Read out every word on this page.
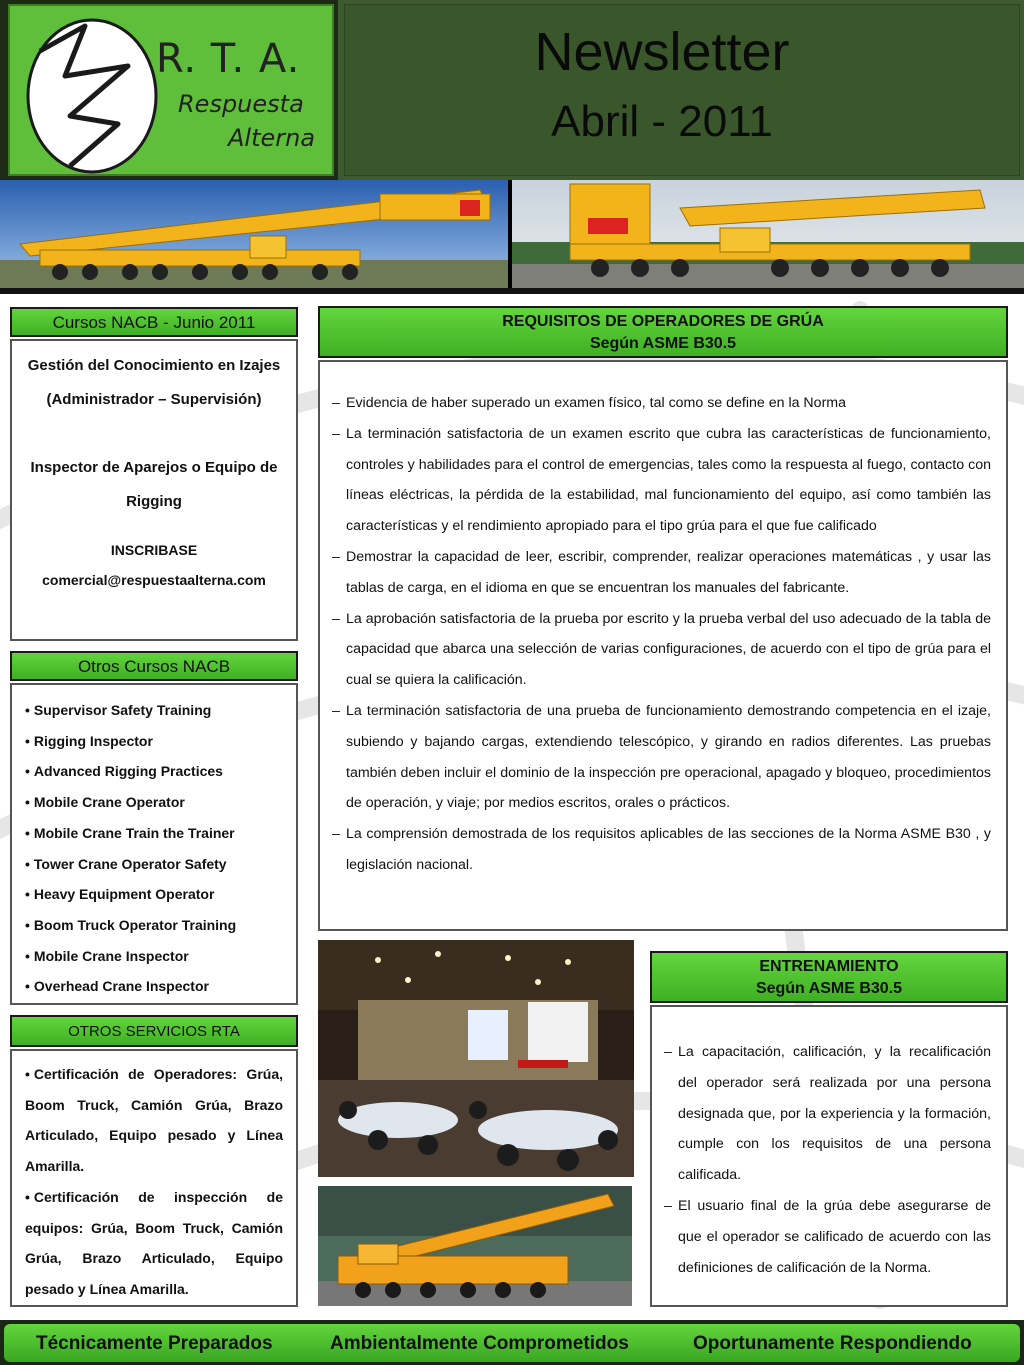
R. T. A.
Respuesta
Alterna
Newsletter
Abril - 2011
Cursos NACB - Junio 2011
Gestión del Conocimiento en Izajes (Administrador – Supervisión)
Inspector de Aparejos o Equipo de Rigging
INSCRIBASE
comercial@respuestaalterna.com
Otros Cursos NACB
• Supervisor Safety Training
• Rigging Inspector
• Advanced Rigging Practices
• Mobile Crane Operator
• Mobile Crane Train the Trainer
• Tower Crane Operator Safety
• Heavy Equipment Operator
• Boom Truck Operator Training
• Mobile Crane Inspector
• Overhead Crane Inspector
OTROS SERVICIOS RTA
• Certificación de Operadores: Grúa, Boom Truck, Camión Grúa, Brazo Articulado, Equipo pesado y Línea Amarilla.
• Certificación de inspección de equipos: Grúa, Boom Truck, Camión Grúa, Brazo Articulado, Equipo pesado y Línea Amarilla.
REQUISITOS DE OPERADORES DE GRÚA
Según ASME B30.5
– Evidencia de haber superado un examen físico, tal como se define en la Norma
– La terminación satisfactoria de un examen escrito que cubra las características de funcionamiento, controles y habilidades para el control de emergencias, tales como la respuesta al fuego, contacto con líneas eléctricas, la pérdida de la estabilidad, mal funcionamiento del equipo, así como también las características y el rendimiento apropiado para el tipo grúa para el que fue calificado
– Demostrar la capacidad de leer, escribir, comprender, realizar operaciones matemáticas , y usar las tablas de carga, en el idioma en que se encuentran los manuales del fabricante.
– La aprobación satisfactoria de la prueba por escrito y la prueba verbal del uso adecuado de la tabla de capacidad que abarca una selección de varias configuraciones, de acuerdo con el tipo de grúa para el cual se quiera la calificación.
– La terminación satisfactoria de una prueba de funcionamiento demostrando competencia en el izaje, subiendo y bajando cargas, extendiendo telescópico, y girando en radios diferentes. Las pruebas también deben incluir el dominio de la inspección pre operacional, apagado y bloqueo, procedimientos de operación, y viaje; por medios escritos, orales o prácticos.
– La comprensión demostrada de los requisitos aplicables de las secciones de la Norma ASME B30 , y legislación nacional.
ENTRENAMIENTO
Según ASME B30.5
– La capacitación, calificación, y la recalificación del operador será realizada por una persona designada que, por la experiencia y la formación, cumple con los requisitos de una persona calificada.
– El usuario final de la grúa debe asegurarse de que el operador se calificado de acuerdo con las definiciones de calificación de la Norma.
Técnicamente Preparados	Ambientalmente Comprometidos	Oportunamente Respondiendo
